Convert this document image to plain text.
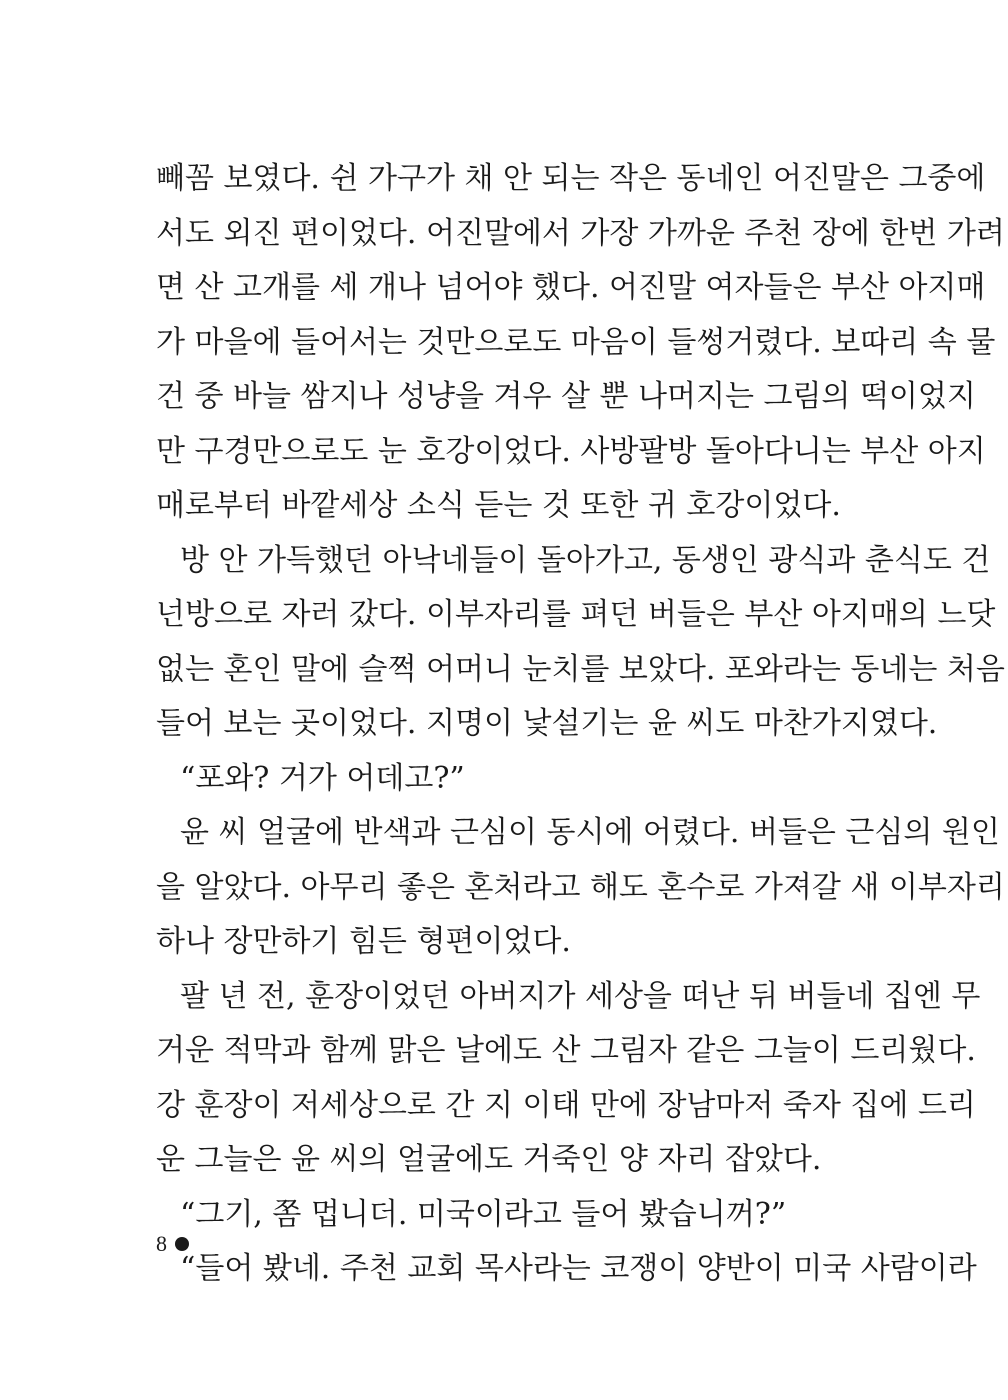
빼꼼 보였다. 쉰 가구가 채 안 되는 작은 동네인 어진말은 그중에
서도 외진 편이었다. 어진말에서 가장 가까운 주천 장에 한번 가려
면 산 고개를 세 개나 넘어야 했다. 어진말 여자들은 부산 아지매
가 마을에 들어서는 것만으로도 마음이 들썽거렸다. 보따리 속 물
건 중 바늘 쌈지나 성냥을 겨우 살 뿐 나머지는 그림의 떡이었지
만 구경만으로도 눈 호강이었다. 사방팔방 돌아다니는 부산 아지
매로부터 바깥세상 소식 듣는 것 또한 귀 호강이었다.
방 안 가득했던 아낙네들이 돌아가고, 동생인 광식과 춘식도 건
넌방으로 자러 갔다. 이부자리를 펴던 버들은 부산 아지매의 느닷
없는 혼인 말에 슬쩍 어머니 눈치를 보았다. 포와라는 동네는 처음
들어 보는 곳이었다. 지명이 낯설기는 윤 씨도 마찬가지였다.
“포와? 거가 어데고?”
윤 씨 얼굴에 반색과 근심이 동시에 어렸다. 버들은 근심의 원인
을 알았다. 아무리 좋은 혼처라고 해도 혼수로 가져갈 새 이부자리
하나 장만하기 힘든 형편이었다.
팔 년 전, 훈장이었던 아버지가 세상을 떠난 뒤 버들네 집엔 무
거운 적막과 함께 맑은 날에도 산 그림자 같은 그늘이 드리웠다.
강 훈장이 저세상으로 간 지 이태 만에 장남마저 죽자 집에 드리
운 그늘은 윤 씨의 얼굴에도 거죽인 양 자리 잡았다.
“그기, 쫌 멉니더. 미국이라고 들어 봤습니꺼?”
“들어 봤네. 주천 교회 목사라는 코쟁이 양반이 미국 사람이라
8
